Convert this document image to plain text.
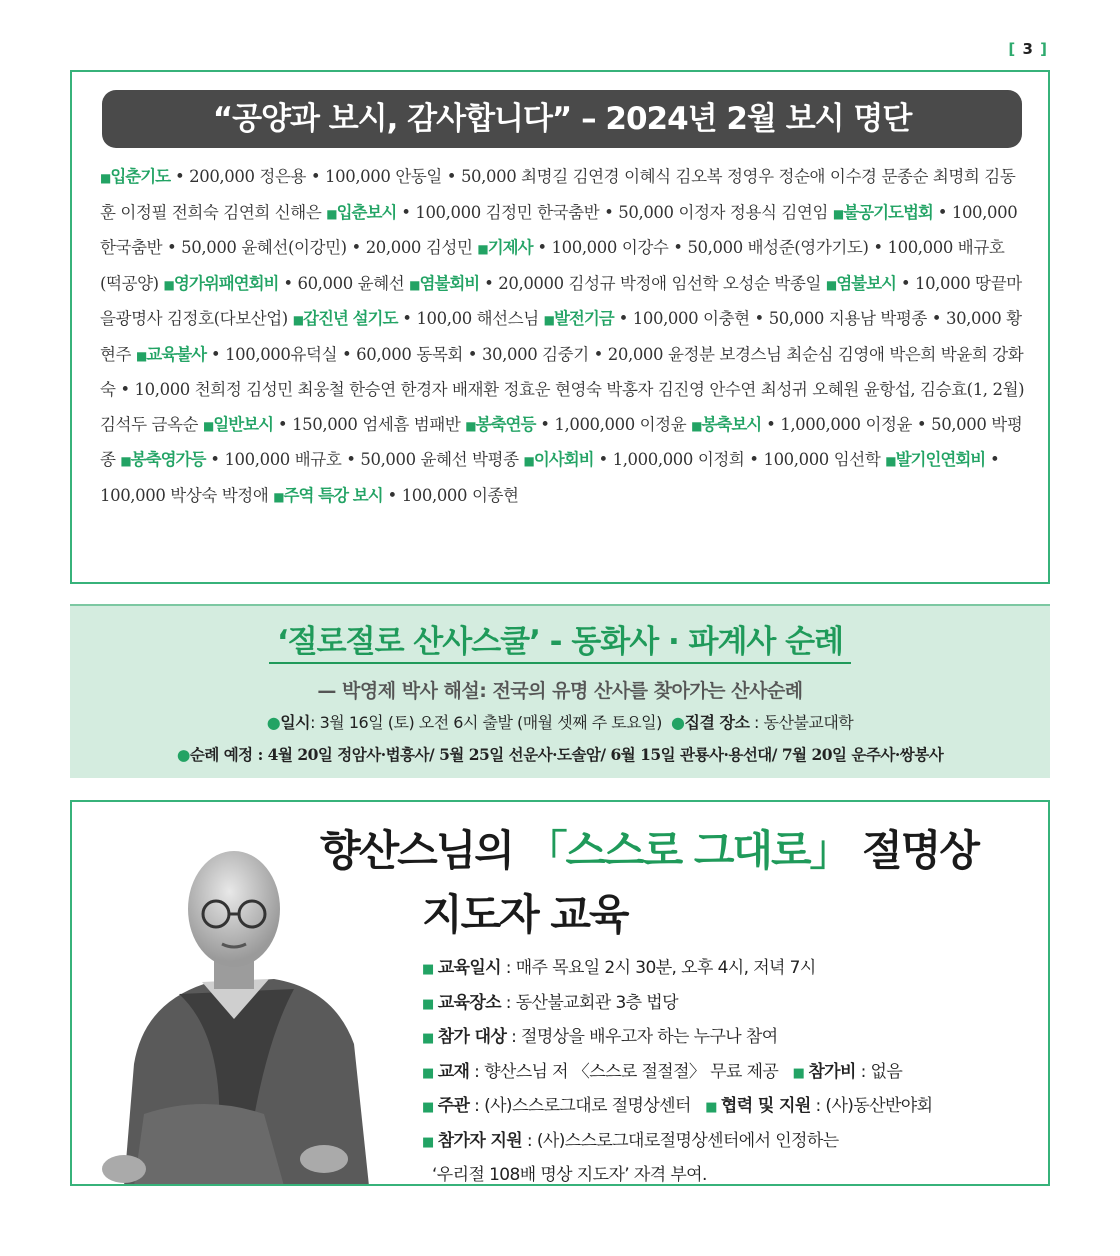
[ 3 ]
“공양과 보시, 감사합니다” – 2024년 2월 보시 명단
■입춘기도 • 200,000 정은용 • 100,000 안동일 • 50,000 최명길 김연경 이혜식 김오복 정영우 정순애 이수경 문종순 최명희 김동훈 이정필 전희숙 김연희 신해은 ■입춘보시 • 100,000 김정민 한국춤반 • 50,000 이정자 정용식 김연임 ■불공기도법회 • 100,000 한국춤반 • 50,000 윤혜선(이강민) • 20,000 김성민 ■기제사 • 100,000 이강수 • 50,000 배성준(영가기도) • 100,000 배규호 (떡공양) ■영가위패연회비 • 60,000 윤혜선 ■염불회비 • 20,0000 김성규 박정애 임선학 오성순 박종일 ■염불보시 • 10,000 땅끝마을광명사 김정호(다보산업) ■갑진년 설기도 • 100,00 해선스님 ■발전기금 • 100,000 이충현 • 50,000 지용남 박평종 • 30,000 황현주 ■교육불사 • 100,000유덕실 • 60,000 동목회 • 30,000 김중기 • 20,000 윤정분 보경스님 최순심 김영애 박은희 박윤희 강화숙 • 10,000 천희정 김성민 최웅철 한승연 한경자 배재환 정효운 현영숙 박홍자 김진영 안수연 최성귀 오혜원 윤항섭, 김승효(1, 2월) 김석두 금옥순 ■일반보시 • 150,000 엄세흠 범패반 ■봉축연등 • 1,000,000 이정윤 ■봉축보시 • 1,000,000 이정윤 • 50,000 박평종 ■봉축영가등 • 100,000 배규호 • 50,000 윤혜선 박평종 ■이사회비 • 1,000,000 이정희 • 100,000 임선학 ■발기인연회비 • 100,000 박상숙 박정애 ■주역 특강 보시 • 100,000 이종현
‘절로절로 산사스쿨’ - 동화사 · 파계사 순례
— 박영제 박사 해설: 전국의 유명 산사를 찾아가는 산사순례
●일시: 3월 16일 (토) 오전 6시 출발 (매월 셋째 주 토요일) ●집결 장소 : 동산불교대학
●순례 예정 : 4월 20일 정암사·법흥사/ 5월 25일 선운사·도솔암/ 6월 15일 관룡사·용선대/ 7월 20일 운주사·쌍봉사
향산스님의 「스스로 그대로」 절명상
지도자 교육
■ 교육일시 : 매주 목요일 2시 30분, 오후 4시, 저녁 7시
■ 교육장소 : 동산불교회관 3층 법당
■ 참가 대상 : 절명상을 배우고자 하는 누구나 참여
■ 교재 : 향산스님 저 〈스스로 절절절〉 무료 제공 ■ 참가비 : 없음
■ 주관 : (사)스스로그대로 절명상센터 ■ 협력 및 지원 : (사)동산반야회
■ 참가자 지원 : (사)스스로그대로절명상센터에서 인정하는
‘우리절 108배 명상 지도자’ 자격 부여.
